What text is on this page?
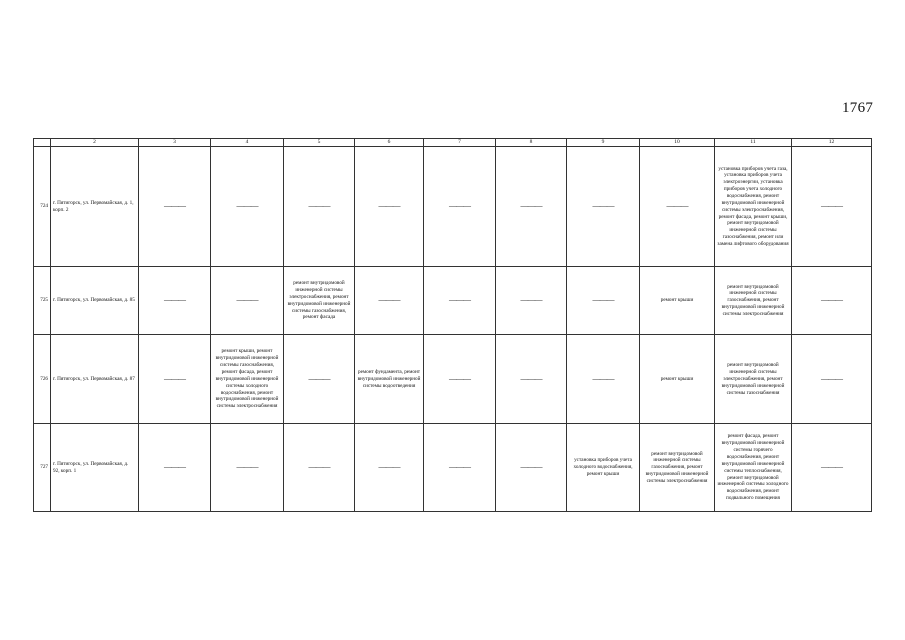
1767
	2	3	4	5	6	7	8	9	10	11	12
724	г. Пятигорск, ул. Первомайская, д. 1, корп. 2	———	———	———	———	———	———	———	———	установка приборов учета газа, установка приборов учета электроэнергии, установка приборов учета холодного водоснабжения, ремонт внутридомовой инженерной системы электроснабжения, ремонт фасада, ремонт крыши, ремонт внутридомовой инженерной системы газоснабжения, ремонт или замена лифтового оборудования	———
725	г. Пятигорск, ул. Первомайская, д. 85	———	———	ремонт внутридомовой инженерной системы электроснабжения, ремонт внутридомовой инженерной системы газоснабжения, ремонт фасада	———	———	———	———	ремонт крыши	ремонт внутридомовой инженерной системы газоснабжения, ремонт внутридомовой инженерной системы электроснабжения	———
726	г. Пятигорск, ул. Первомайская, д. 87	———	ремонт крыши, ремонт внутридомовой инженерной системы газоснабжения, ремонт фасада, ремонт внутридомовой инженерной системы холодного водоснабжения, ремонт внутридомовой инженерной системы электроснабжения	———	ремонт фундамента, ремонт внутридомовой инженерной системы водоотведения	———	———	———	ремонт крыши	ремонт внутридомовой инженерной системы электроснабжения, ремонт внутридомовой инженерной системы газоснабжения	———
727	г. Пятигорск, ул. Первомайская, д. 92, корп. 1	———	———	———	———	———	———	установка приборов учета холодного водоснабжения, ремонт крыши	ремонт внутридомовой инженерной системы газоснабжения, ремонт внутридомовой инженерной системы электроснабжения	ремонт фасада, ремонт внутридомовой инженерной системы горячего водоснабжения, ремонт внутридомовой инженерной системы теплоснабжения, ремонт внутридомовой инженерной системы холодного водоснабжения, ремонт подвального помещения	———
